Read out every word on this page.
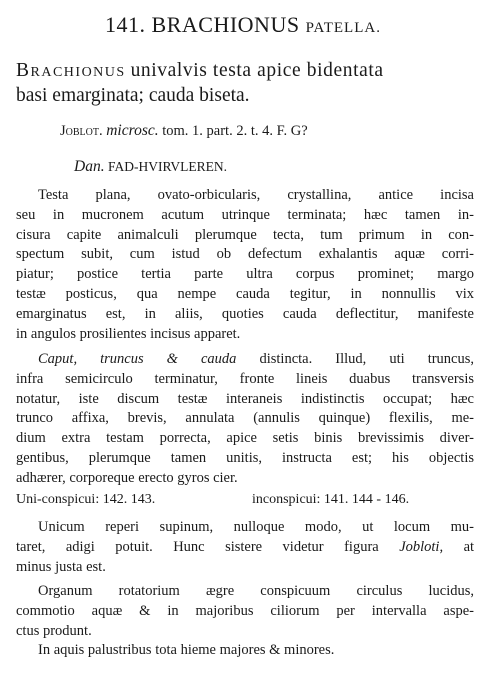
141. BRACHIONUS PATELLA.
Brachionus univalvis testa apice bidentata
basi emarginata; cauda biseta.
Joblot. microsc. tom. 1. part. 2. t. 4. F. G?
Dan. FAD-HVIRVLEREN.
Testa plana, ovato-orbicularis, crystallina, antice incisa
seu in mucronem acutum utrinque terminata; hæc tamen in-
cisura capite animalculi plerumque tecta, tum primum in con-
spectum subit, cum istud ob defectum exhalantis aquæ corri-
piatur; postice tertia parte ultra corpus prominet; margo
testæ posticus, qua nempe cauda tegitur, in nonnullis vix
emarginatus est, in aliis, quoties cauda deflectitur, manifeste
in angulos prosilientes incisus apparet.
Caput, truncus & cauda distincta. Illud, uti truncus,
infra semicirculo terminatur, fronte lineis duabus transversis
notatur, iste discum testæ interaneis indistinctis occupat; hæc
trunco affixa, brevis, annulata (annulis quinque) flexilis, me-
dium extra testam porrecta, apice setis binis brevissimis diver-
gentibus, plerumque tamen unitis, instructa est; his objectis
adhærer, corporeque erecto gyros cier.
Uni-conspicui: 142. 143.	inconspicui: 141. 144 - 146.
Unicum reperi supinum, nulloque modo, ut locum mu-
taret, adigi potuit. Hunc sistere videtur figura Jobloti, at
minus justa est.
Organum rotatorium ægre conspicuum circulus lucidus,
commotio aquæ & in majoribus ciliorum per intervalla aspe-
ctus produnt.
In aquis palustribus tota hieme majores & minores.
